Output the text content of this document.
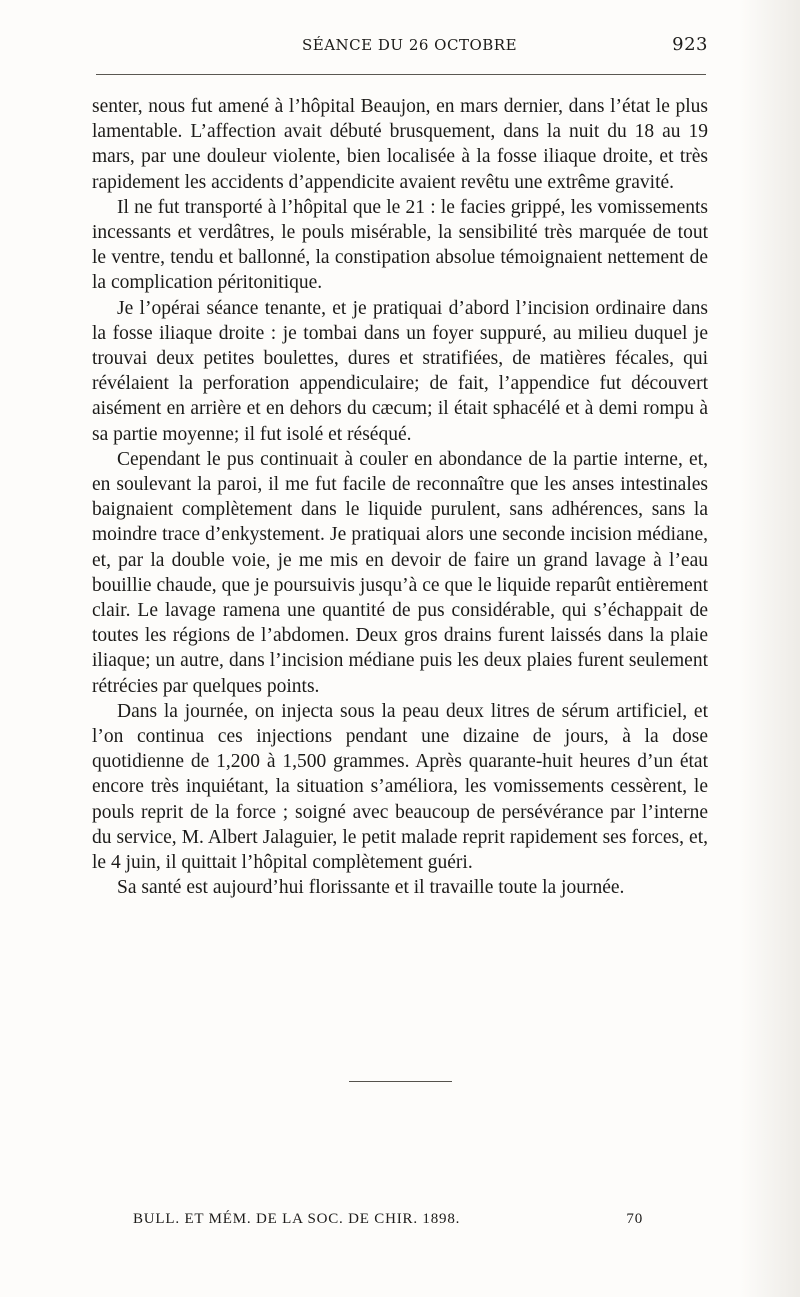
SÉANCE DU 26 OCTOBRE	923

senter, nous fut amené à l’hôpital Beaujon, en mars dernier, dans l’état le plus lamentable. L’affection avait débuté brusquement, dans la nuit du 18 au 19 mars, par une douleur violente, bien localisée à la fosse iliaque droite, et très rapidement les accidents d’appendicite avaient revêtu une extrême gravité.

Il ne fut transporté à l’hôpital que le 21 : le facies grippé, les vomissements incessants et verdâtres, le pouls misérable, la sensibilité très marquée de tout le ventre, tendu et ballonné, la constipation absolue témoignaient nettement de la complication péritonitique.

Je l’opérai séance tenante, et je pratiquai d’abord l’incision ordinaire dans la fosse iliaque droite : je tombai dans un foyer suppuré, au milieu duquel je trouvai deux petites boulettes, dures et stratifiées, de matières fécales, qui révélaient la perforation appendiculaire; de fait, l’appendice fut découvert aisément en arrière et en dehors du cæcum; il était sphacélé et à demi rompu à sa partie moyenne; il fut isolé et réséqué.

Cependant le pus continuait à couler en abondance de la partie interne, et, en soulevant la paroi, il me fut facile de reconnaître que les anses intestinales baignaient complètement dans le liquide purulent, sans adhérences, sans la moindre trace d’enkystement. Je pratiquai alors une seconde incision médiane, et, par la double voie, je me mis en devoir de faire un grand lavage à l’eau bouillie chaude, que je poursuivis jusqu’à ce que le liquide reparût entièrement clair. Le lavage ramena une quantité de pus considérable, qui s’échappait de toutes les régions de l’abdomen. Deux gros drains furent laissés dans la plaie iliaque; un autre, dans l’incision médiane puis les deux plaies furent seulement rétrécies par quelques points.

Dans la journée, on injecta sous la peau deux litres de sérum artificiel, et l’on continua ces injections pendant une dizaine de jours, à la dose quotidienne de 1,200 à 1,500 grammes. Après quarante-huit heures d’un état encore très inquiétant, la situation s’améliora, les vomissements cessèrent, le pouls reprit de la force ; soigné avec beaucoup de persévérance par l’interne du service, M. Albert Jalaguier, le petit malade reprit rapidement ses forces, et, le 4 juin, il quittait l’hôpital complètement guéri.

Sa santé est aujourd’hui florissante et il travaille toute la journée.

BULL. ET MÉM. DE LA SOC. DE CHIR. 1898.	70
